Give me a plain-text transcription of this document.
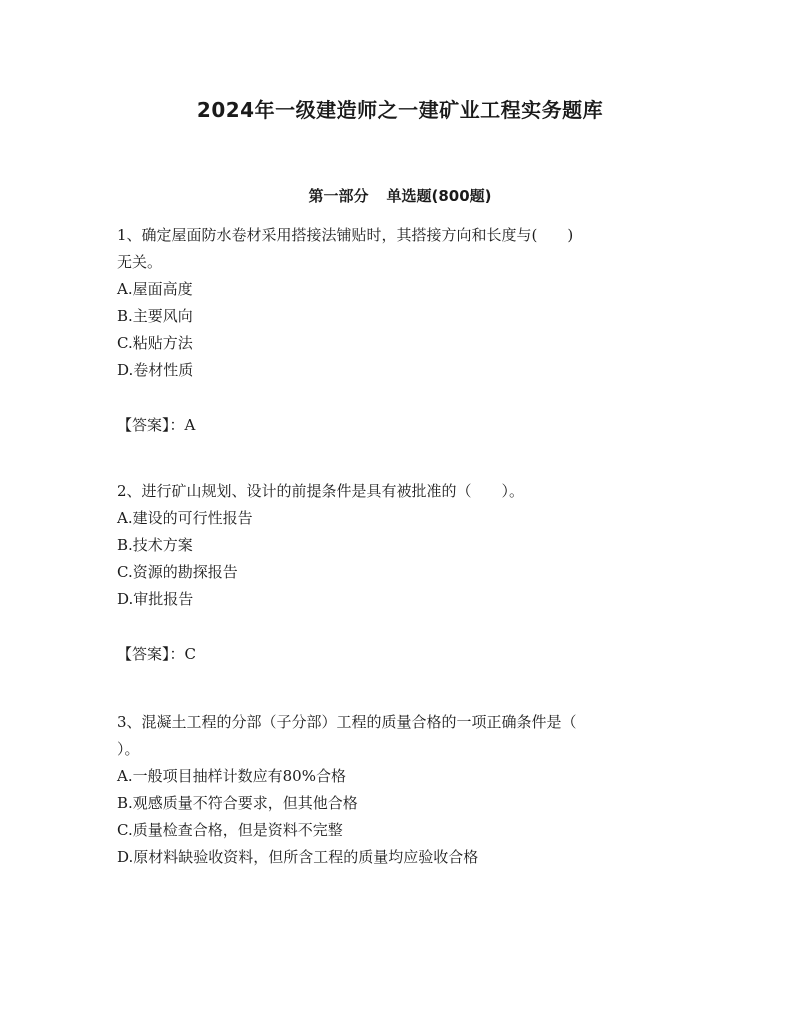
2024年一级建造师之一建矿业工程实务题库
第一部分 单选题(800题)
1、确定屋面防水卷材采用搭接法铺贴时，其搭接方向和长度与(　　)
无关。
A.屋面高度
B.主要风向
C.粘贴方法
D.卷材性质
【答案】：A
2、进行矿山规划、设计的前提条件是具有被批准的（　　）。
A.建设的可行性报告
B.技术方案
C.资源的勘探报告
D.审批报告
【答案】：C
3、混凝土工程的分部（子分部）工程的质量合格的一项正确条件是（
）。
A.一般项目抽样计数应有80%合格
B.观感质量不符合要求，但其他合格
C.质量检查合格，但是资料不完整
D.原材料缺验收资料，但所含工程的质量均应验收合格
